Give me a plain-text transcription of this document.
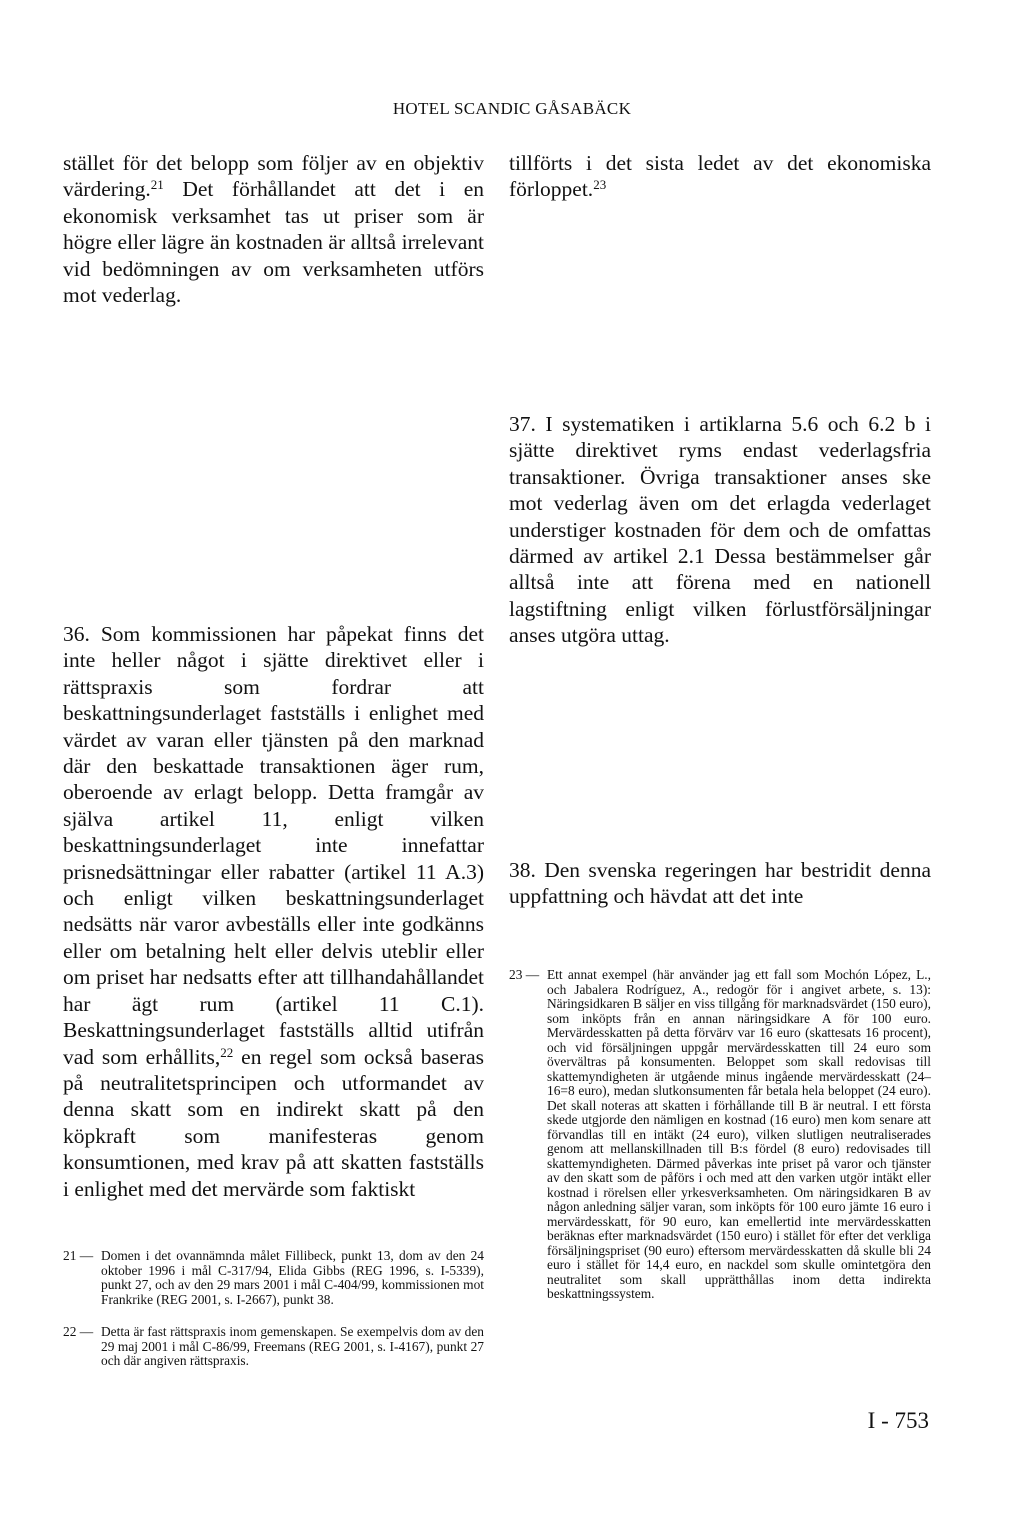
HOTEL SCANDIC GÅSABÄCK

stället för det belopp som följer av en objektiv värdering.$^{21}$ Det förhållandet att det i en ekonomisk verksamhet tas ut priser som är högre eller lägre än kostnaden är alltså irrelevant vid bedömningen av om verksamheten utförs mot vederlag.

36. Som kommissionen har påpekat finns det inte heller något i sjätte direktivet eller i rättspraxis som fordrar att beskattningsunderlaget fastställs i enlighet med värdet av varan eller tjänsten på den marknad där den beskattade transaktionen äger rum, oberoende av erlagt belopp. Detta framgår av själva artikel 11, enligt vilken beskattningsunderlaget inte innefattar prisnedsättningar eller rabatter (artikel 11 A.3) och enligt vilken beskattningsunderlaget nedsätts när varor avbeställs eller inte godkänns eller om betalning helt eller delvis uteblir eller om priset har nedsatts efter att tillhandahållandet har ägt rum (artikel 11 C.1). Beskattningsunderlaget fastställs alltid utifrån vad som erhållits,$^{22}$ en regel som också baseras på neutralitetsprincipen och utformandet av denna skatt som en indirekt skatt på den köpkraft som manifesteras genom konsumtionen, med krav på att skatten fastställs i enlighet med det mervärde som faktiskt

tillförts i det sista ledet av det ekonomiska förloppet.$^{23}$

37. I systematiken i artiklarna 5.6 och 6.2 b i sjätte direktivet ryms endast vederlagsfria transaktioner. Övriga transaktioner anses ske mot vederlag även om det erlagda vederlaget understiger kostnaden för dem och de omfattas därmed av artikel 2.1 Dessa bestämmelser går alltså inte att förena med en nationell lagstiftning enligt vilken förlustförsäljningar anses utgöra uttag.

38. Den svenska regeringen har bestridit denna uppfattning och hävdat att det inte

21 — Domen i det ovannämnda målet Fillibeck, punkt 13, dom av den 24 oktober 1996 i mål C-317/94, Elida Gibbs (REG 1996, s. I-5339), punkt 27, och av den 29 mars 2001 i mål C-404/99, kommissionen mot Frankrike (REG 2001, s. I-2667), punkt 38.
22 — Detta är fast rättspraxis inom gemenskapen. Se exempelvis dom av den 29 maj 2001 i mål C-86/99, Freemans (REG 2001, s. I-4167), punkt 27 och där angiven rättspraxis.
23 — Ett annat exempel (här använder jag ett fall som Mochón López, L., och Jabalera Rodríguez, A., redogör för i angivet arbete, s. 13): Näringsidkaren B säljer en viss tillgång för marknadsvärdet (150 euro), som inköpts från en annan näringsidkare A för 100 euro. Mervärdesskatten på detta förvärv var 16 euro (skattesats 16 procent), och vid försäljningen uppgår mervärdesskatten till 24 euro som övervältras på konsumenten. Beloppet som skall redovisas till skattemyndigheten är utgående minus ingående mervärdesskatt (24–16=8 euro), medan slutkonsumenten får betala hela beloppet (24 euro). Det skall noteras att skatten i förhållande till B är neutral. I ett första skede utgjorde den nämligen en kostnad (16 euro) men kom senare att förvandlas till en intäkt (24 euro), vilken slutligen neutraliserades genom att mellanskillnaden till B:s fördel (8 euro) redovisades till skattemyndigheten. Därmed påverkas inte priset på varor och tjänster av den skatt som de påförs i och med att den varken utgör intäkt eller kostnad i rörelsen eller yrkesverksamheten. Om näringsidkaren B av någon anledning säljer varan, som inköpts för 100 euro jämte 16 euro i mervärdesskatt, för 90 euro, kan emellertid inte mervärdesskatten beräknas efter marknadsvärdet (150 euro) i stället för efter det verkliga försäljningspriset (90 euro) eftersom mervärdesskatten då skulle bli 24 euro i stället för 14,4 euro, en nackdel som skulle omintetgöra den neutralitet som skall upprätthållas inom detta indirekta beskattningssystem.
I - 753
